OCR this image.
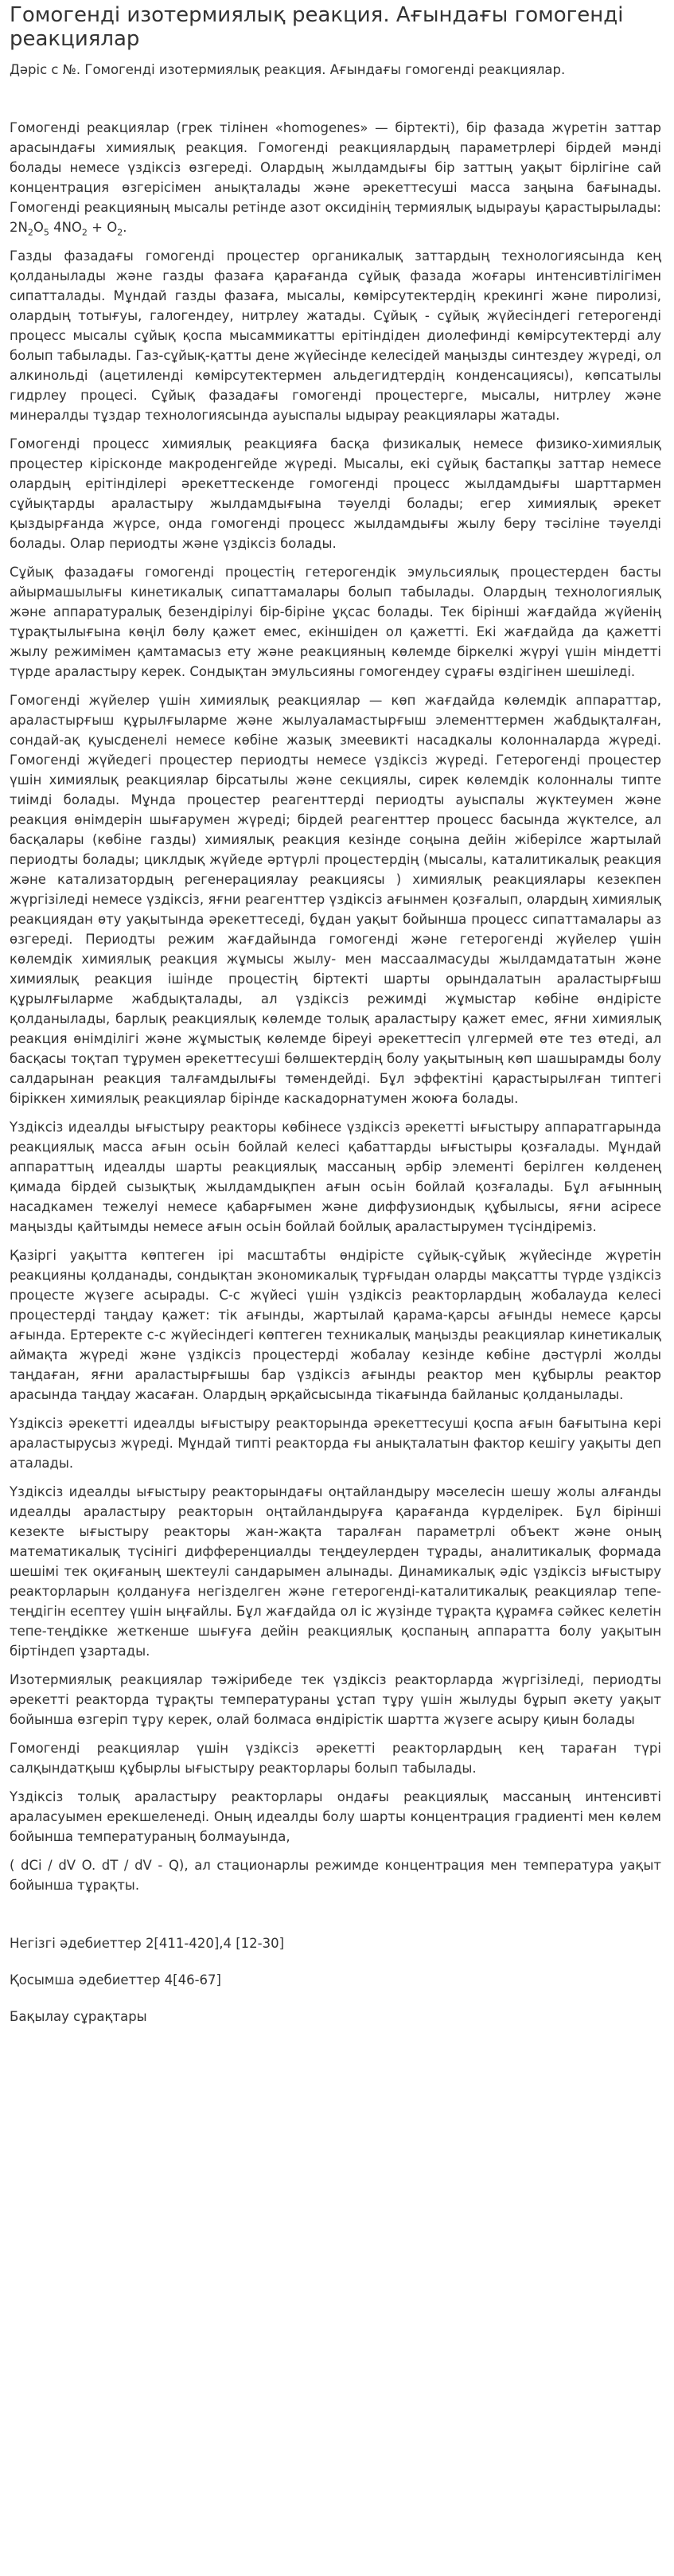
Гомогенді изотермиялық реакция. Ағындағы гомогенді реакциялар
Дәріс с №. Гомогенді изотермиялық реакция. Ағындағы гомогенді реакциялар.

Гомогенді реакциялар (грек тілінен «homogenes» — біртекті), бір фазада жүретін заттар арасындағы химиялық реакция. Гомогенді реакциялардың параметрлері бірдей мәнді болады немесе үздіксіз өзгереді. Олардың жылдамдығы бір заттың уақыт бірлігіне сай концентрация өзгерісімен анықталады және әрекеттесуші масса заңына бағынады. Гомогенді реакцияның мысалы ретінде азот оксидінің термиялық ыдырауы қарастырылады: $2N_2O_5$ $4NO_2 + O_2$.

Газды фазадағы гомогенді процестер органикалық заттардың технологиясында кең қолданылады және газды фазаға қарағанда сұйық фазада жоғары интенсивтілігімен сипатталады. Мұндай газды фазаға, мысалы, көмірсутектердің крекингі және пиролизі, олардың тотығуы, галогендеу, нитрлеу жатады. Сұйық - сұйық жүйесіндегі гетерогенді процесс мысалы сұйық қоспа мысаммикатты ерітіндіден диолефинді көмірсутектерді алу болып табылады. Газ-сұйық-қатты дене жүйесінде келесідей маңызды синтездеу жүреді, ол алкинольді (ацетиленді көмірсутектермен альдегидтердің конденсациясы), көпсатылы гидрлеу процесі. Сұйық фазадағы гомогенді процестерге, мысалы, нитрлеу және минералды тұздар технологиясында ауыспалы ыдырау реакциялары жатады.

Гомогенді процесс химиялық реакцияға басқа физикалық немесе физико-химиялық процестер кірісконде макроденгейде жүреді. Мысалы, екі сұйық бастапқы заттар немесе олардың ерітінділері әрекеттескенде гомогенді процесс жылдамдығы шарттармен сұйықтарды араластыру жылдамдығына тәуелді болады; егер химиялық әрекет қыздырғанда жүрсе, онда гомогенді процесс жылдамдығы жылу беру тәсіліне тәуелді болады. Олар периодты және үздіксіз болады.

Сұйық фазадағы гомогенді процестің гетерогендік эмульсиялық процестерден басты айырмашылығы кинетикалық сипаттамалары болып табылады. Олардың технологиялық және аппаратуралық безендірілуі бір-біріне ұқсас болады. Тек бірінші жағдайда жүйенің тұрақтылығына көңіл бөлу қажет емес, екіншіден ол қажетті. Екі жағдайда да қажетті жылу режимімен қамтамасыз ету және реакцияның көлемде біркелкі жүруі үшін міндетті түрде араластыру керек. Сондықтан эмульсияны гомогендеу сұрағы өздігінен шешіледі.

Гомогенді жүйелер үшін химиялық реакциялар — көп жағдайда көлемдік аппараттар, араластырғыш құрылғыларме және жылуаламастырғыш элементтермен жабдықталған, сондай-ақ қуысденелі немесе көбіне жазық змеевикті насадкалы колонналарда жүреді. Гомогенді жүйедегі процестер периодты немесе үздіксіз жүреді. Гетерогенді процестер үшін химиялық реакциялар бірсатылы және секциялы, сирек көлемдік колонналы типте тиімді болады. Мұнда процестер реагенттерді периодты ауыспалы жүктеумен және реакция өнімдерін шығарумен жүреді; бірдей реагенттер процесс басында жүктелсе, ал басқалары (көбіне газды) химиялық реакция кезінде соңына дейін жіберілсе жартылай периодты болады; циклдық жүйеде әртүрлі процестердің (мысалы, каталитикалық реакция және катализатордың регенерациялау реакциясы ) химиялық реакциялары кезекпен жүргізіледі немесе үздіксіз, яғни реагенттер үздіксіз ағынмен қозғалып, олардың химиялық реакциядан өту уақытында әрекеттеседі, бұдан уақыт бойынша процесс сипаттамалары аз өзгереді. Периодты режим жағдайында гомогенді және гетерогенді жүйелер үшін көлемдік химиялық реакция жұмысы жылу- мен массаалмасуды жылдамдататын және химиялық реакция ішінде процестің біртекті шарты орындалатын араластырғыш құрылғыларме жабдықталады, ал үздіксіз режимді жұмыстар көбіне өндірісте қолданылады, барлық реакциялық көлемде толық араластыру қажет емес, яғни химиялық реакция өнімділігі және жұмыстық көлемде біреуі әрекеттесіп үлгермей өте тез өтеді, ал басқасы тоқтап тұрумен әрекеттесуші бөлшектердің болу уақытының көп шашырамды болу салдарынан реакция талғамдылығы төмендейді. Бұл эффектіні қарастырылған типтегі біріккен химиялық реакциялар бірінде каскадорнатумен жоюға болады.

Үздіксіз идеалды ығыстыру реакторы көбінесе үздіксіз әрекетті ығыстыру аппаратгарында реакциялық масса ағын осьін бойлай келесі қабаттарды ығыстыры қозғалады. Мұндай аппараттың идеалды шарты реакциялық массаның әрбір элементі берілген көлденең қимада бірдей сызықтық жылдамдықпен ағын осьін бойлай қозғалады. Бұл ағынның насадкамен тежелуі немесе қабарғымен және диффузиондық құбылысы, яғни асіресе маңызды қайтымды немесе ағын осьін бойлай бойлық араластырумен түсіндіреміз.

Қазіргі уақытта көптеген ірі масштабты өндірісте сұйық-сұйық жүйесінде жүретін реакцияны қолданады, сондықтан экономикалық тұрғыдан оларды мақсатты түрде үздіксіз процесте жүзеге асырады. С-с жүйесі үшін үздіксіз реакторлардың жобалауда келесі процестерді таңдау қажет: тік ағынды, жартылай қарама-қарсы ағынды немесе қарсы ағында. Ертеректе с-с жүйесіндегі көптеген техникалық маңызды реакциялар кинетикалық аймақта жүреді және үздіксіз процестерді жобалау кезінде көбіне дәстүрлі жолды таңдаған, яғни араластырғышы бар үздіксіз ағынды реактор мен құбырлы реактор арасында таңдау жасаған. Олардың әрқайсысында тікағында байланыс қолданылады.

Үздіксіз әрекетті идеалды ығыстыру реакторында әрекеттесуші қоспа ағын бағытына кері араластырусыз жүреді. Мұндай типті реакторда ғы анықталатын фактор кешігу уақыты деп аталады.

Үздіксіз идеалды ығыстыру реакторындағы оңтайландыру мәселесін шешу жолы алғанды идеалды араластыру реакторын оңтайландыруға қарағанда күрделірек. Бұл бірінші кезекте ығыстыру реакторы жан-жақта таралған параметрлі объект және оның математикалық түсінігі дифференциалды теңдеулерден тұрады, аналитикалық формада шешімі тек оқиғаның шектеулі сандарымен алынады. Динамикалық әдіс үздіксіз ығыстыру реакторларын қолдануға негізделген және гетерогенді-каталитикалық реакциялар тепе-теңдігін есептеу үшін ыңғайлы. Бұл жағдайда ол іс жүзінде тұрақта құрамға сәйкес келетін тепе-теңдікке жеткенше шығуға дейін реакциялық қоспаның аппаратта болу уақытын біртіндеп ұзартады.

Изотермиялық реакциялар тәжірибеде тек үздіксіз реакторларда жүргізіледі, периодты әрекетті реакторда тұрақты температураны ұстап тұру үшін жылуды бұрып әкету уақыт бойынша өзгеріп тұру керек, олай болмаса өндірістік шартта жүзеге асыру қиын болады

Гомогенді реакциялар үшін үздіксіз әрекетті реакторлардың кең тараған түрі салқындатқыш құбырлы ығыстыру реакторлары болып табылады.

Үздіксіз толық араластыру реакторлары ондағы реакциялық массаның интенсивті араласуымен ерекшеленеді. Оның идеалды болу шарты концентрация градиенті мен көлем бойынша температураның болмауында,

( dCi / dV O. dT / dV - Q), ал стационарлы режимде концентрация мен температура уақыт бойынша тұрақты.

Негізгі әдебиеттер 2[411-420],4 [12-30]

Қосымша әдебиеттер 4[46-67]

Бақылау сұрақтары
